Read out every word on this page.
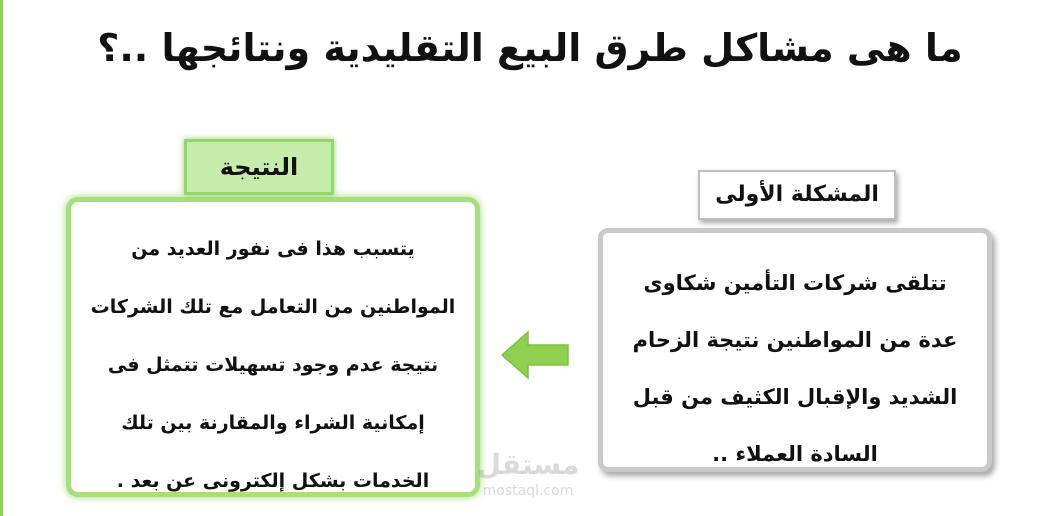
ما هى مشاكل طرق البيع التقليدية ونتائجها ..؟
تتلقى شركات التأمين شكاوى
عدة من المواطنين نتيجة الزحام
الشديد والإقبال الكثيف من قبل
السادة العملاء ..
المشكلة الأولى
يتسبب هذا فى نفور العديد من
المواطنين من التعامل مع تلك الشركات
نتيجة عدم وجود تسهيلات تتمثل فى
إمكانية الشراء والمقارنة بين تلك
الخدمات بشكل إلكترونى عن بعد .
النتيجة
مستقل
mostaql.com
